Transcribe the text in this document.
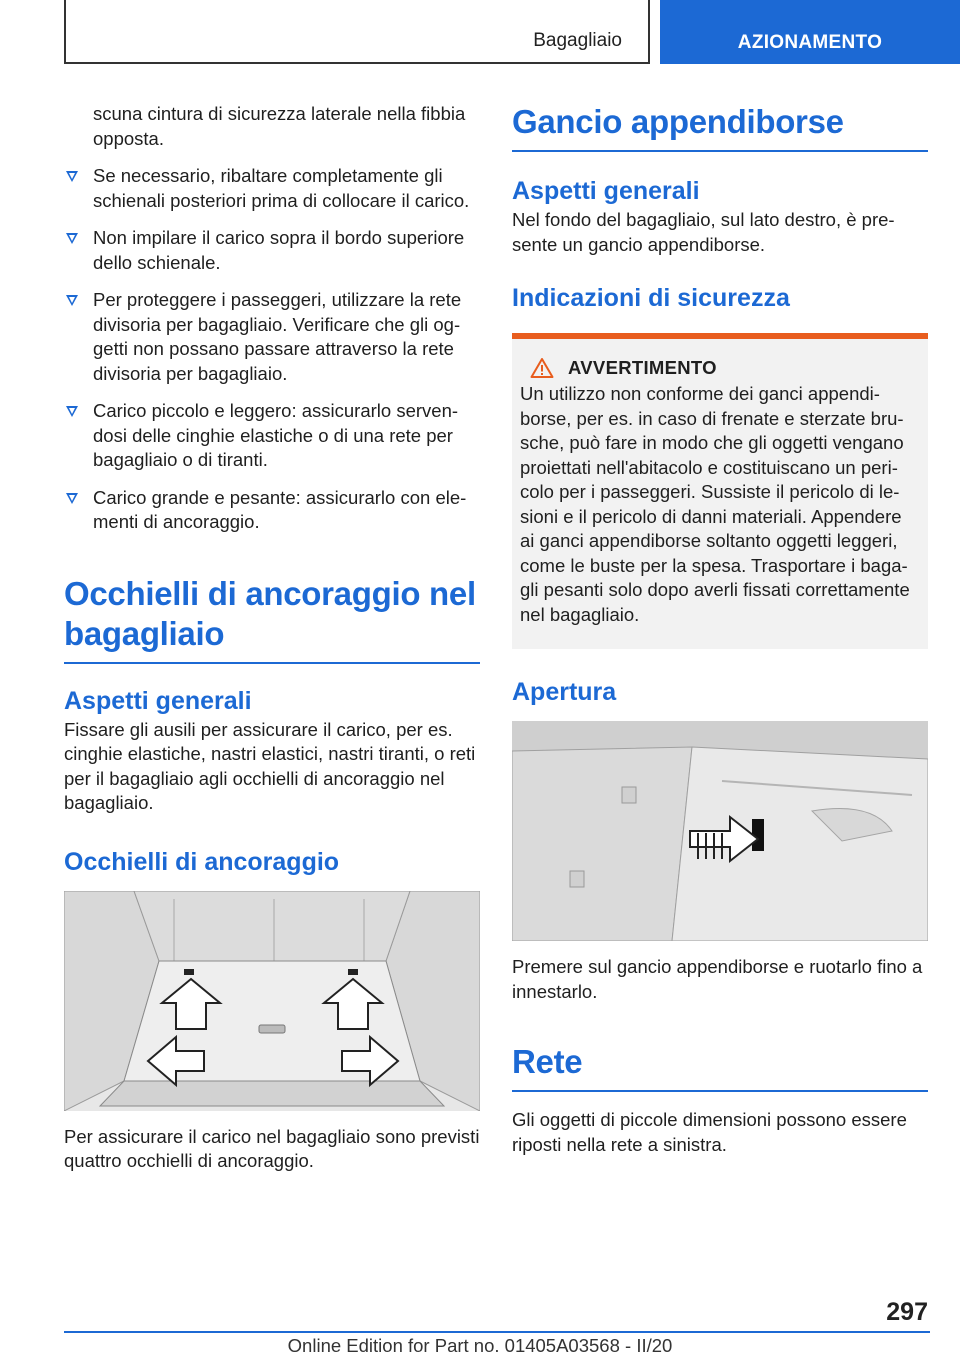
Bagagliaio	AZIONAMENTO

scuna cintura di sicurezza laterale nella fibbia opposta.

Se necessario, ribaltare completamente gli schienali posteriori prima di collocare il carico.
Non impilare il carico sopra il bordo superiore dello schienale.
Per proteggere i passeggeri, utilizzare la rete divisoria per bagagliaio. Verificare che gli oggetti non possano passare attraverso la rete divisoria per bagagliaio.
Carico piccolo e leggero: assicurarlo servendosi delle cinghie elastiche o di una rete per bagagliaio o di tiranti.
Carico grande e pesante: assicurarlo con elementi di ancoraggio.
Occhielli di ancoraggio nel bagagliaio
Aspetti generali

Fissare gli ausili per assicurare il carico, per es. cinghie elastiche, nastri elastici, nastri tiranti, o reti per il bagagliaio agli occhielli di ancoraggio nel bagagliaio.

Occhielli di ancoraggio

Per assicurare il carico nel bagagliaio sono previsti quattro occhielli di ancoraggio.

Gancio appendiborse
Aspetti generali

Nel fondo del bagagliaio, sul lato destro, è presente un gancio appendiborse.

Indicazioni di sicurezza
AVVERTIMENTO

Un utilizzo non conforme dei ganci appendiborse, per es. in caso di frenate e sterzate brusche, può fare in modo che gli oggetti vengano proiettati nell'abitacolo e costituiscano un pericolo per i passeggeri. Sussiste il pericolo di lesioni e il pericolo di danni materiali. Appendere ai ganci appendiborse soltanto oggetti leggeri, come le buste per la spesa. Trasportare i bagagli pesanti solo dopo averli fissati correttamente nel bagagliaio.

Apertura

Premere sul gancio appendiborse e ruotarlo fino a innestarlo.

Rete

Gli oggetti di piccole dimensioni possono essere riposti nella rete a sinistra.

297
Online Edition for Part no. 01405A03568 - II/20
